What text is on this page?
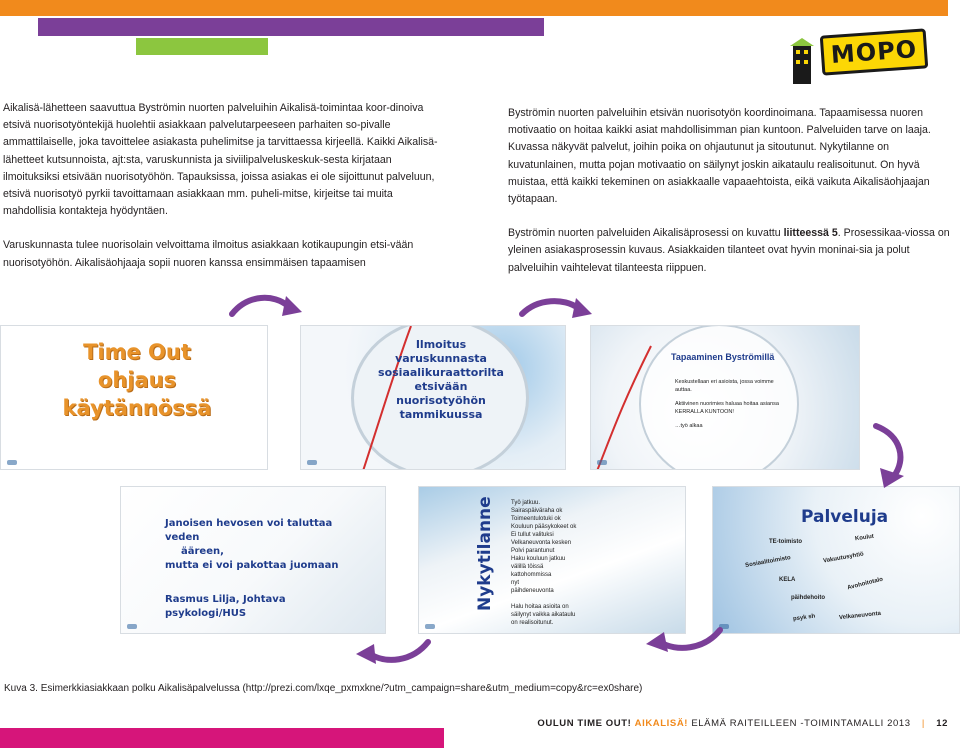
MOPO

Aikalisä-lähetteen saavuttua Byströmin nuorten palveluihin Aikalisä-toimintaa koor-dinoiva etsivä nuorisotyöntekijä huolehtii asiakkaan palvelutarpeeseen parhaiten so-pivalle ammattilaiselle, joka tavoittelee asiakasta puhelimitse ja tarvittaessa kirjeellä. Kaikki Aikalisä-lähetteet kutsunnoista, ajt:sta, varuskunnista ja siviilipalveluskeskuk-sesta kirjataan ilmoituksiksi etsivään nuorisotyöhön. Tapauksissa, joissa asiakas ei ole sijoittunut palveluun, etsivä nuorisotyö pyrkii tavoittamaan asiakkaan mm. puheli-mitse, kirjeitse tai muita mahdollisia kontakteja hyödyntäen.

Varuskunnasta tulee nuorisolain velvoittama ilmoitus asiakkaan kotikaupungin etsi-vään nuorisotyöhön. Aikalisäohjaaja sopii nuoren kanssa ensimmäisen tapaamisen

Byströmin nuorten palveluihin etsivän nuorisotyön koordinoimana. Tapaamisessa nuoren motivaatio on hoitaa kaikki asiat mahdollisimman pian kuntoon. Palveluiden tarve on laaja. Kuvassa näkyvät palvelut, joihin poika on ohjautunut ja sitoutunut. Nykytilanne on kuvatunlainen, mutta pojan motivaatio on säilynyt joskin aikataulu realisoitunut. On hyvä muistaa, että kaikki tekeminen on asiakkaalle vapaaehtoista, eikä vaikuta Aikalisäohjaajan työtapaan.

Byströmin nuorten palveluiden Aikalisäprosessi on kuvattu liitteessä 5. Prosessikaa-viossa on yleinen asiakasprosessin kuvaus. Asiakkaiden tilanteet ovat hyvin moninai-sia ja polut palveluihin vaihtelevat tilanteesta riippuen.

Time Out
ohjaus
käytännössä
Ilmoitus
varuskunnasta
sosiaalikuraattorilta
etsivään
nuorisotyöhön
tammikuussa
Tapaaminen Byströmillä
Keskustellaan eri asioista, jossa voimme auttaa.
Aktiivinen nuorimies haluaa hoitaa asiansa KERRALLA KUNTOON!
…työ alkaa
Janoisen hevosen voi taluttaa veden
ääreen,
mutta ei voi pakottaa juomaan
Rasmus Lilja, Johtava psykologi/HUS
Nykytilanne	Työ jatkuu.
Sairaspäiväraha ok
Toimeentulotuki ok
Kouluun pääsykokeet ok
Ei tullut valituksi
Velkaneuvonta kesken
Polvi parantunut
Haku kouluun jatkuu
välillä töissä
kattohommissa
nyt
päihdeneuvonta
Halu hoitaa asioita on
säilynyt vaikka aikataulu
on realisoitunut.
Palveluja
TE-toimisto	Koulut
Sosiaalitoimisto	Vakuutusyhtiö
KELA	Avohoitotalo
päihdehoito
psyk sh	Velkaneuvonta
Kuva 3. Esimerkkiasiakkaan polku Aikalisäpalvelussa (http://prezi.com/lxqe_pxmxkne/?utm_campaign=share&utm_medium=copy&rc=ex0share)
OULUN TIME OUT! AIKALISÄ! ELÄMÄ RAITEILLEEN -TOIMINTAMALLI 2013 | 12
